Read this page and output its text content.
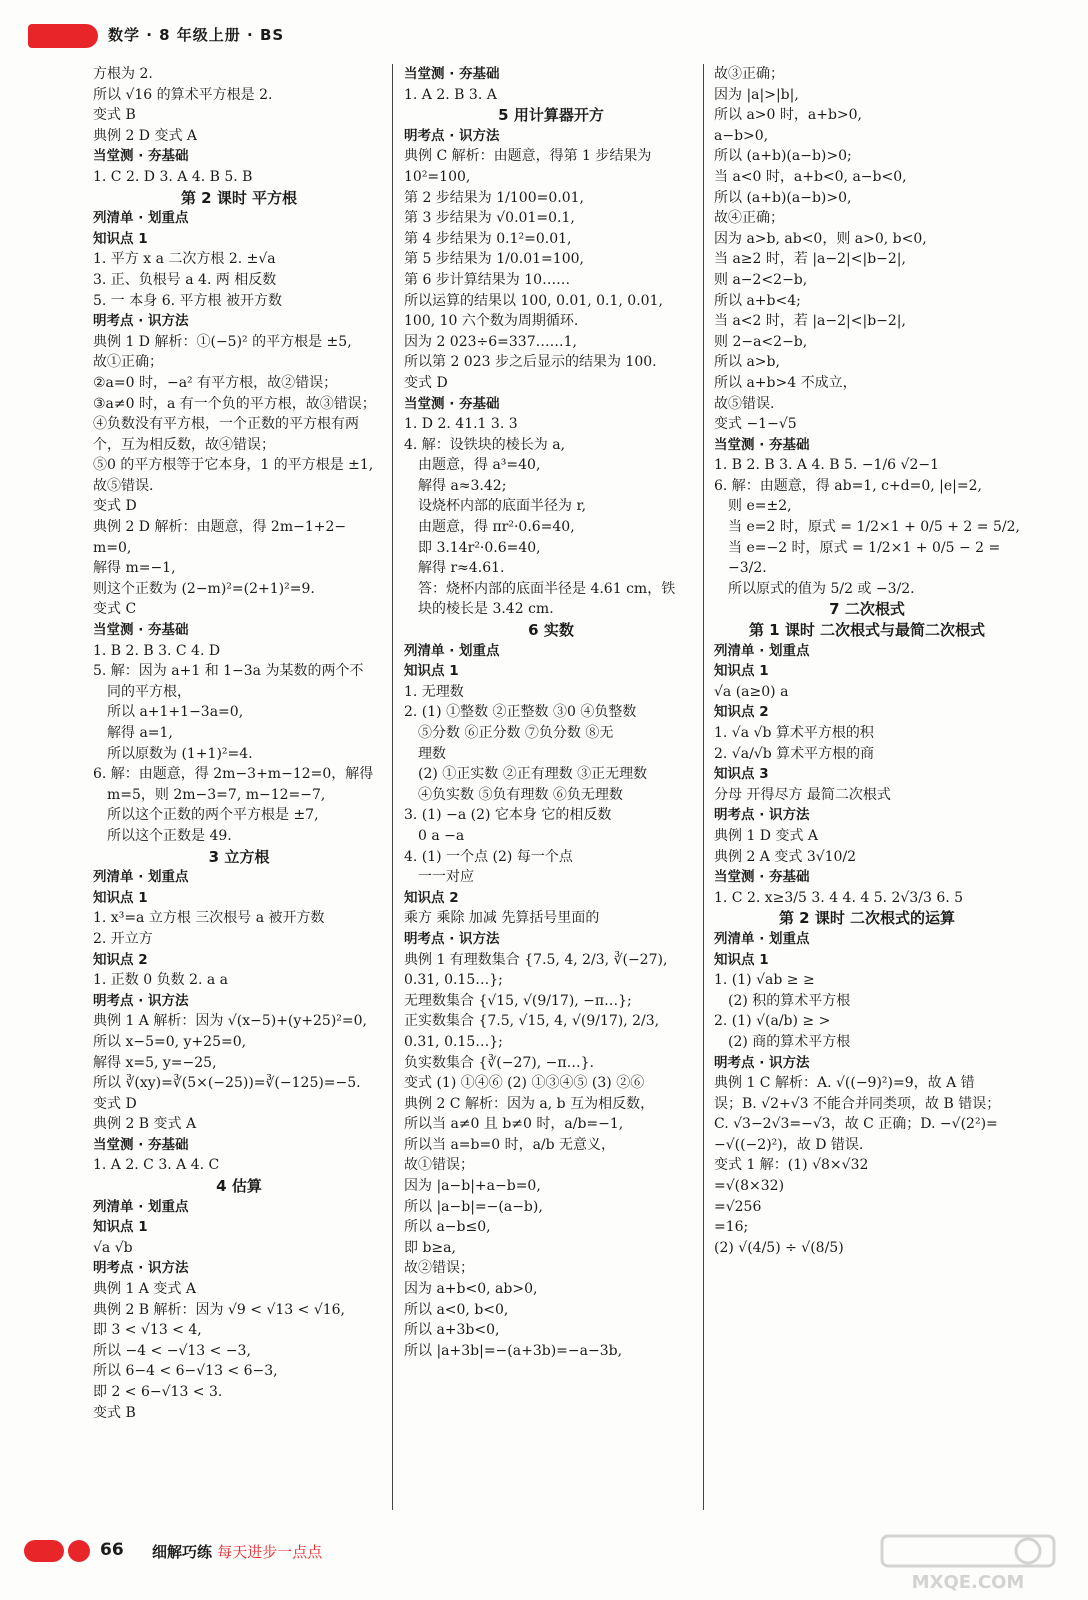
数学 · 8 年级上册 · BS
方根为 2.
所以 √16 的算术平方根是 2.
变式 B
典例 2 D 变式 A
当堂测 · 夯基础
1. C 2. D 3. A 4. B 5. B
第 2 课时 平方根
列清单 · 划重点
知识点 1
1. 平方 x a 二次方根 2. ±√a
3. 正、负根号 a 4. 两 相反数
5. 一 本身 6. 平方根 被开方数
明考点 · 识方法
典例 1 D 解析：①(−5)² 的平方根是 ±5,
故①正确；
②a=0 时，−a² 有平方根，故②错误；
③a≠0 时，a 有一个负的平方根，故③错误；
④负数没有平方根，一个正数的平方根有两
个，互为相反数，故④错误；
⑤0 的平方根等于它本身，1 的平方根是 ±1,
故⑤错误.
变式 D
典例 2 D 解析：由题意，得 2m−1+2−
m=0,
解得 m=−1,
则这个正数为 (2−m)²=(2+1)²=9.
变式 C
当堂测 · 夯基础
1. B 2. B 3. C 4. D
5. 解：因为 a+1 和 1−3a 为某数的两个不
同的平方根，
所以 a+1+1−3a=0,
解得 a=1,
所以原数为 (1+1)²=4.
6. 解：由题意，得 2m−3+m−12=0，解得
m=5，则 2m−3=7, m−12=−7,
所以这个正数的两个平方根是 ±7,
所以这个正数是 49.
3 立方根
列清单 · 划重点
知识点 1
1. x³=a 立方根 三次根号 a 被开方数
2. 开立方
知识点 2
1. 正数 0 负数 2. a a
明考点 · 识方法
典例 1 A 解析：因为 √(x−5)+(y+25)²=0,
所以 x−5=0, y+25=0,
解得 x=5, y=−25,
所以 ∛(xy)=∛(5×(−25))=∛(−125)=−5.
变式 D
典例 2 B 变式 A
当堂测 · 夯基础
1. A 2. C 3. A 4. C
4 估算
列清单 · 划重点
知识点 1
√a √b
明考点 · 识方法
典例 1 A 变式 A
典例 2 B 解析：因为 √9 < √13 < √16,
即 3 < √13 < 4,
所以 −4 < −√13 < −3,
所以 6−4 < 6−√13 < 6−3,
即 2 < 6−√13 < 3.
变式 B
当堂测 · 夯基础
1. A 2. B 3. A
5 用计算器开方
明考点 · 识方法
典例 C 解析：由题意，得第 1 步结果为
10²=100,
第 2 步结果为 1/100=0.01,
第 3 步结果为 √0.01=0.1,
第 4 步结果为 0.1²=0.01,
第 5 步结果为 1/0.01=100,
第 6 步计算结果为 10……
所以运算的结果以 100, 0.01, 0.1, 0.01,
100, 10 六个数为周期循环.
因为 2 023÷6=337……1,
所以第 2 023 步之后显示的结果为 100.
变式 D
当堂测 · 夯基础
1. D 2. 41.1 3. 3
4. 解：设铁块的棱长为 a,
由题意，得 a³=40,
解得 a≈3.42;
设烧杯内部的底面半径为 r,
由题意，得 πr²·0.6=40,
即 3.14r²·0.6=40,
解得 r≈4.61.
答：烧杯内部的底面半径是 4.61 cm，铁
块的棱长是 3.42 cm.
6 实数
列清单 · 划重点
知识点 1
1. 无理数
2. (1) ①整数 ②正整数 ③0 ④负整数
⑤分数 ⑥正分数 ⑦负分数 ⑧无
理数
(2) ①正实数 ②正有理数 ③正无理数
④负实数 ⑤负有理数 ⑥负无理数
3. (1) −a (2) 它本身 它的相反数
0 a −a
4. (1) 一个点 (2) 每一个点
一一对应
知识点 2
乘方 乘除 加减 先算括号里面的
明考点 · 识方法
典例 1 有理数集合 {7.5, 4, 2/3, ∛(−27),
0.31, 0.15̇…};
无理数集合 {√15, √(9/17), −π…};
正实数集合 {7.5, √15, 4, √(9/17), 2/3,
0.31, 0.15̇…};
负实数集合 {∛(−27), −π…}.
变式 (1) ①④⑥ (2) ①③④⑤ (3) ②⑥
典例 2 C 解析：因为 a, b 互为相反数，
所以当 a≠0 且 b≠0 时，a/b=−1,
所以当 a=b=0 时，a/b 无意义，
故①错误；
因为 |a−b|+a−b=0,
所以 |a−b|=−(a−b),
所以 a−b≤0,
即 b≥a,
故②错误；
因为 a+b<0, ab>0,
所以 a<0, b<0,
所以 a+3b<0,
所以 |a+3b|=−(a+3b)=−a−3b,
故③正确；
因为 |a|>|b|,
所以 a>0 时，a+b>0,
a−b>0,
所以 (a+b)(a−b)>0;
当 a<0 时，a+b<0, a−b<0,
所以 (a+b)(a−b)>0,
故④正确；
因为 a>b, ab<0，则 a>0, b<0,
当 a≥2 时，若 |a−2|<|b−2|,
则 a−2<2−b,
所以 a+b<4;
当 a<2 时，若 |a−2|<|b−2|,
则 2−a<2−b,
所以 a>b,
所以 a+b>4 不成立，
故⑤错误.
变式 −1−√5
当堂测 · 夯基础
1. B 2. B 3. A 4. B 5. −1/6 √2−1
6. 解：由题意，得 ab=1, c+d=0, |e|=2,
则 e=±2,
当 e=2 时，原式 = 1/2×1 + 0/5 + 2 = 5/2,
当 e=−2 时，原式 = 1/2×1 + 0/5 − 2 =
−3/2.
所以原式的值为 5/2 或 −3/2.
7 二次根式
第 1 课时 二次根式与最简二次根式
列清单 · 划重点
知识点 1
√a (a≥0) a
知识点 2
1. √a √b 算术平方根的积
2. √a/√b 算术平方根的商
知识点 3
分母 开得尽方 最简二次根式
明考点 · 识方法
典例 1 D 变式 A
典例 2 A 变式 3√10/2
当堂测 · 夯基础
1. C 2. x≥3/5 3. 4 4. 4 5. 2√3/3 6. 5
第 2 课时 二次根式的运算
列清单 · 划重点
知识点 1
1. (1) √ab ≥ ≥
(2) 积的算术平方根
2. (1) √(a/b) ≥ >
(2) 商的算术平方根
明考点 · 识方法
典例 1 C 解析：A. √((−9)²)=9，故 A 错
误；B. √2+√3 不能合并同类项，故 B 错误；
C. √3−2√3=−√3，故 C 正确；D. −√(2²)=
−√((−2)²)，故 D 错误.
变式 1 解：(1) √8×√32
=√(8×32)
=√256
=16;
(2) √(4/5) ÷ √(8/5)
66 细解巧练 每天进步一点点
MXQE.COM
